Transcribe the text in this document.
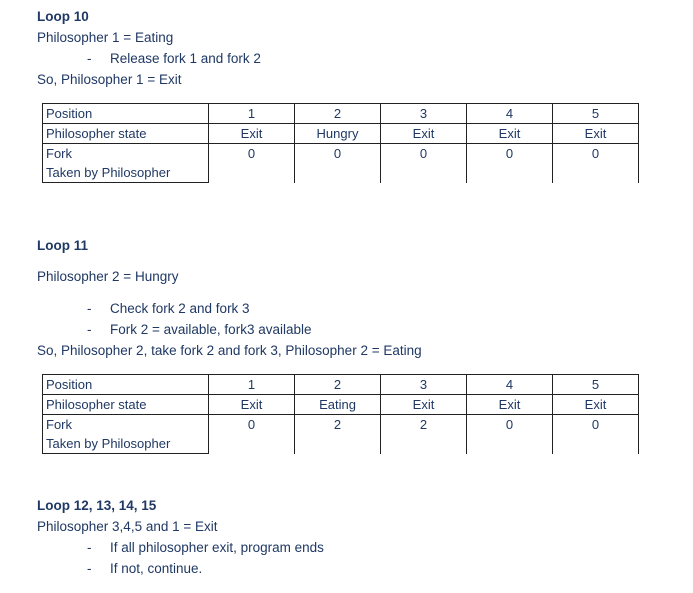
Loop 10
Philosopher 1 = Eating
- Release fork 1 and fork 2
So, Philosopher 1 = Exit
Position	1	2	3	4	5
Philosopher state	Exit	Hungry	Exit	Exit	Exit
Fork	0	0	0	0	0
Taken by Philosopher					
Loop 11
Philosopher 2 = Hungry
- Check fork 2 and fork 3
- Fork 2 = available, fork3 available
So, Philosopher 2, take fork 2 and fork 3, Philosopher 2 = Eating
Position	1	2	3	4	5
Philosopher state	Exit	Eating	Exit	Exit	Exit
Fork	0	2	2	0	0
Taken by Philosopher					
Loop 12, 13, 14, 15
Philosopher 3,4,5 and 1 = Exit
- If all philosopher exit, program ends
- If not, continue.
